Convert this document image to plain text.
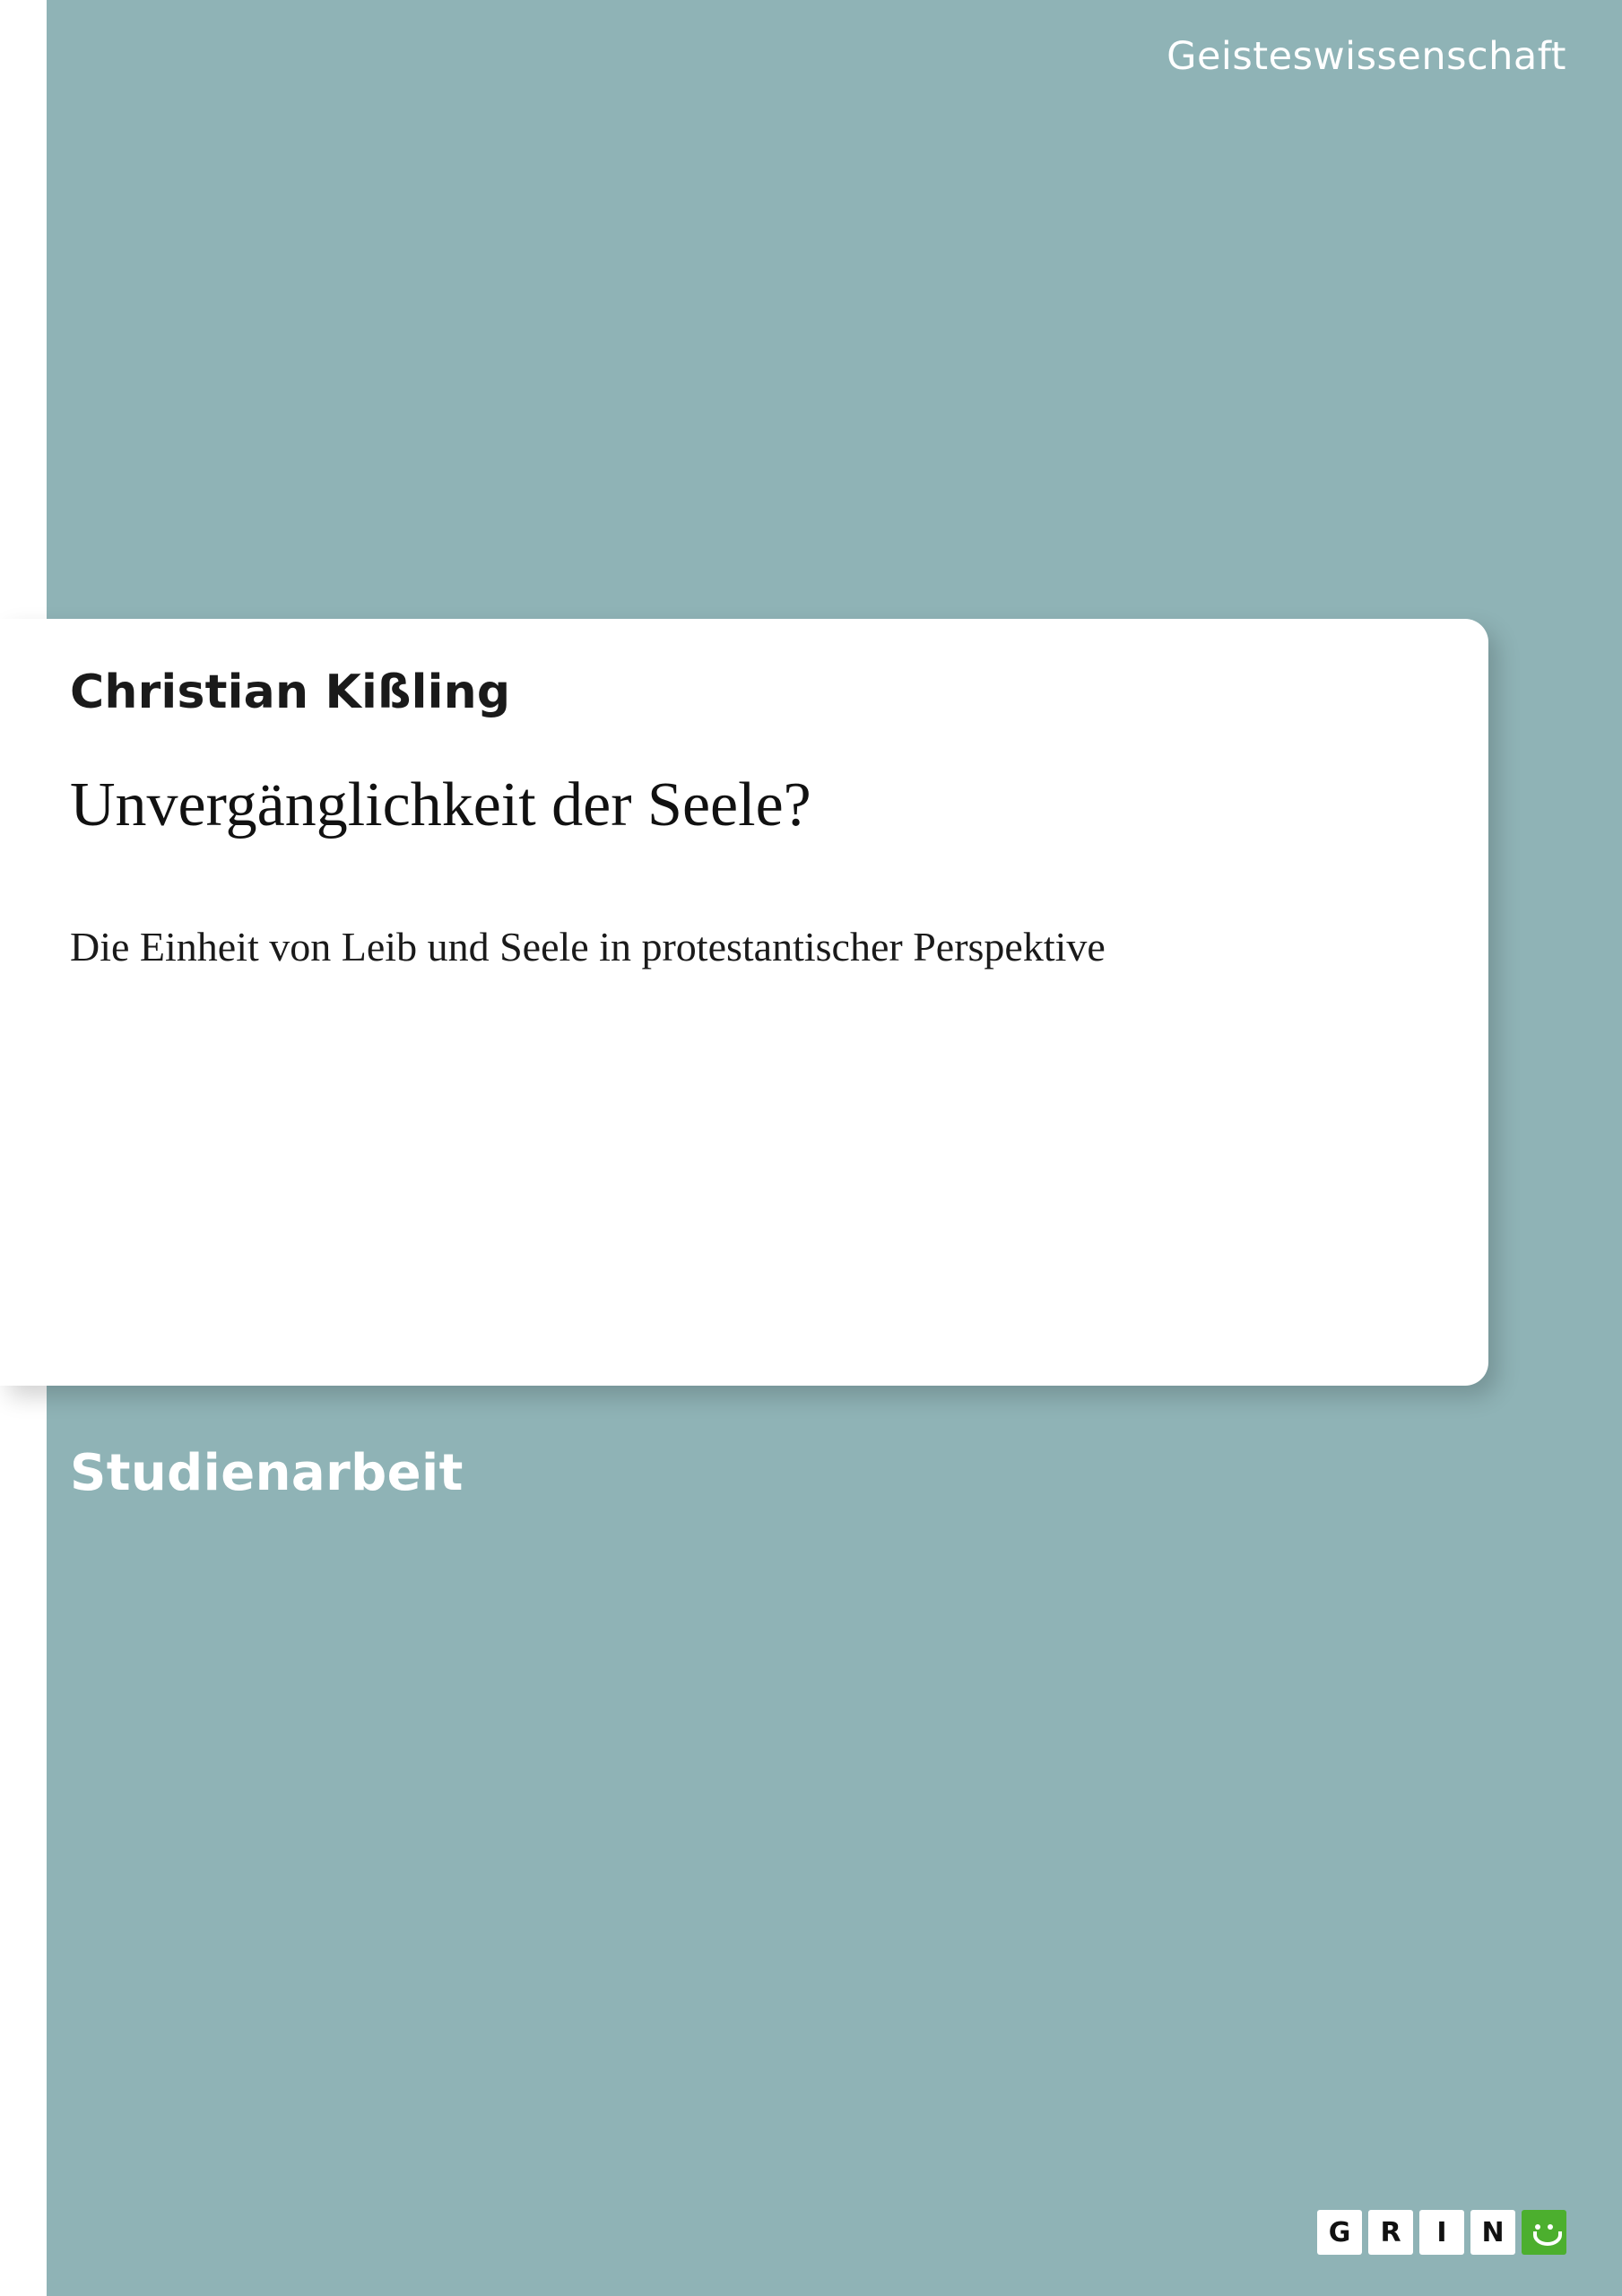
Geisteswissenschaft
Christian Kißling
Unvergänglichkeit der Seele?
Die Einheit von Leib und Seele in protestantischer Perspektive
Studienarbeit
G	R	I	N
